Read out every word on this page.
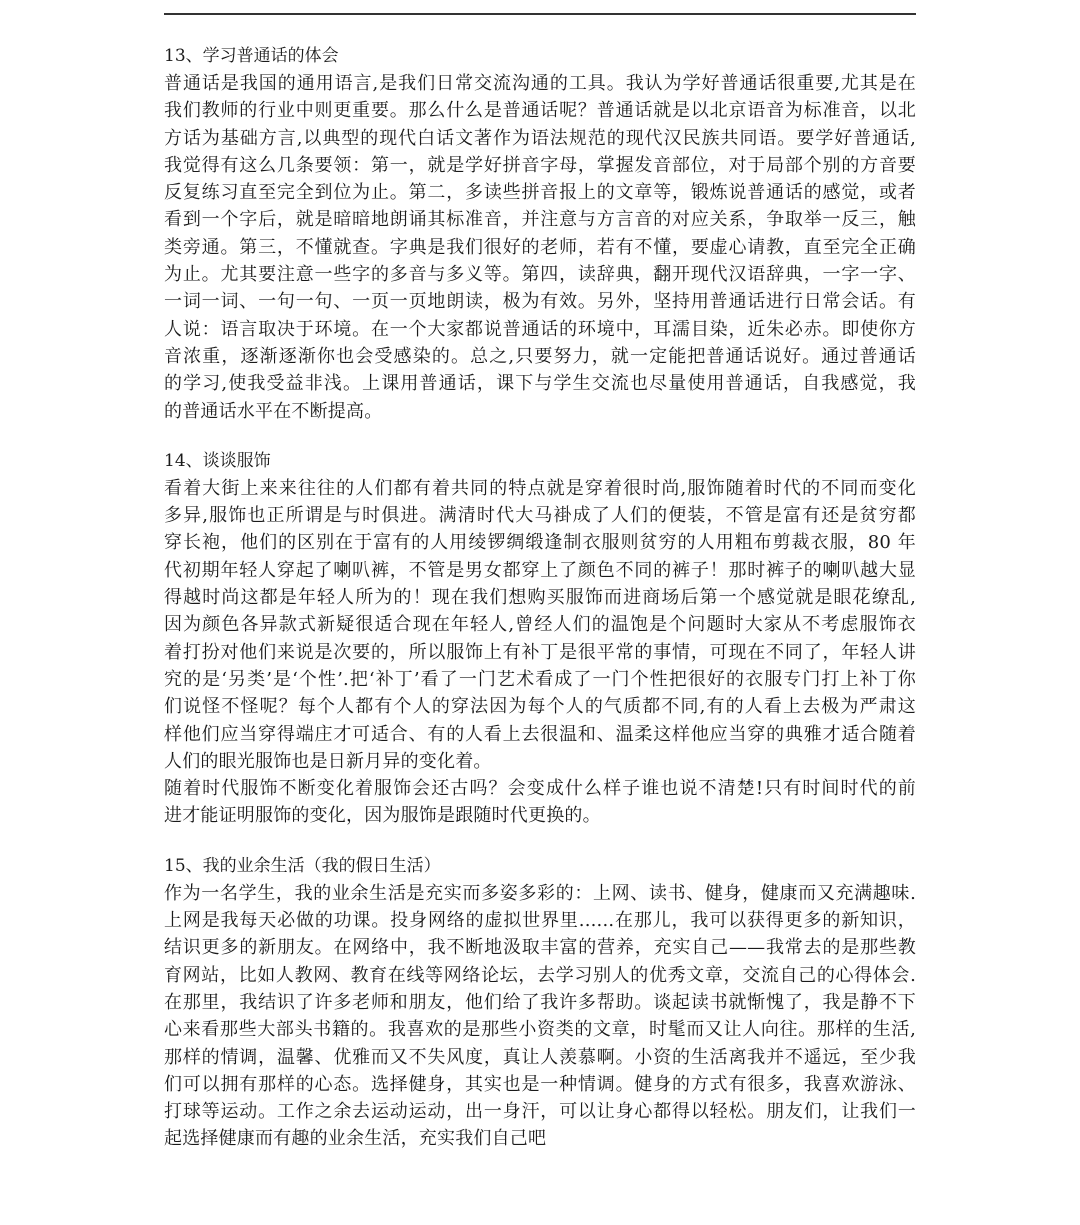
13、学习普通话的体会

普通话是我国的通用语言,是我们日常交流沟通的工具。我认为学好普通话很重要,尤其是在
我们教师的行业中则更重要。那么什么是普通话呢？普通话就是以北京语音为标准音，以北
方话为基础方言,以典型的现代白话文著作为语法规范的现代汉民族共同语。要学好普通话,
我觉得有这么几条要领：第一，就是学好拼音字母，掌握发音部位，对于局部个别的方音要
反复练习直至完全到位为止。第二，多读些拼音报上的文章等，锻炼说普通话的感觉，或者
看到一个字后，就是暗暗地朗诵其标准音，并注意与方言音的对应关系，争取举一反三，触
类旁通。第三，不懂就查。字典是我们很好的老师，若有不懂，要虚心请教，直至完全正确
为止。尤其要注意一些字的多音与多义等。第四，读辞典，翻开现代汉语辞典，一字一字、
一词一词、一句一句、一页一页地朗读，极为有效。另外，坚持用普通话进行日常会话。有
人说：语言取决于环境。在一个大家都说普通话的环境中，耳濡目染，近朱必赤。即使你方
音浓重，逐渐逐渐你也会受感染的。总之,只要努力，就一定能把普通话说好。通过普通话
的学习,使我受益非浅。上课用普通话，课下与学生交流也尽量使用普通话，自我感觉，我
的普通话水平在不断提高。

14、谈谈服饰

看着大街上来来往往的人们都有着共同的特点就是穿着很时尚,服饰随着时代的不同而变化
多异,服饰也正所谓是与时俱进。满清时代大马褂成了人们的便装，不管是富有还是贫穷都
穿长袍，他们的区别在于富有的人用绫锣绸缎逢制衣服则贫穷的人用粗布剪裁衣服，80 年
代初期年轻人穿起了喇叭裤，不管是男女都穿上了颜色不同的裤子！那时裤子的喇叭越大显
得越时尚这都是年轻人所为的！现在我们想购买服饰而进商场后第一个感觉就是眼花缭乱,
因为颜色各异款式新疑很适合现在年轻人,曾经人们的温饱是个问题时大家从不考虑服饰衣
着打扮对他们来说是次要的，所以服饰上有补丁是很平常的事情，可现在不同了，年轻人讲
究的是‘另类’是‘个性’.把‘补丁’看了一门艺术看成了一门个性把很好的衣服专门打上补丁你
们说怪不怪呢？每个人都有个人的穿法因为每个人的气质都不同,有的人看上去极为严肃这
样他们应当穿得端庄才可适合、有的人看上去很温和、温柔这样他应当穿的典雅才适合随着
人们的眼光服饰也是日新月异的变化着。

随着时代服饰不断变化着服饰会还古吗？会变成什么样子谁也说不清楚!只有时间时代的前
进才能证明服饰的变化，因为服饰是跟随时代更换的。

15、我的业余生活（我的假日生活）

作为一名学生，我的业余生活是充实而多姿多彩的：上网、读书、健身，健康而又充满趣味.
上网是我每天必做的功课。投身网络的虚拟世界里......在那儿，我可以获得更多的新知识，
结识更多的新朋友。在网络中，我不断地汲取丰富的营养，充实自己——我常去的是那些教
育网站，比如人教网、教育在线等网络论坛，去学习别人的优秀文章，交流自己的心得体会.
在那里，我结识了许多老师和朋友，他们给了我许多帮助。谈起读书就惭愧了，我是静不下
心来看那些大部头书籍的。我喜欢的是那些小资类的文章，时髦而又让人向往。那样的生活,
那样的情调，温馨、优雅而又不失风度，真让人羡慕啊。小资的生活离我并不遥远，至少我
们可以拥有那样的心态。选择健身，其实也是一种情调。健身的方式有很多，我喜欢游泳、
打球等运动。工作之余去运动运动，出一身汗，可以让身心都得以轻松。朋友们，让我们一
起选择健康而有趣的业余生活，充实我们自己吧
